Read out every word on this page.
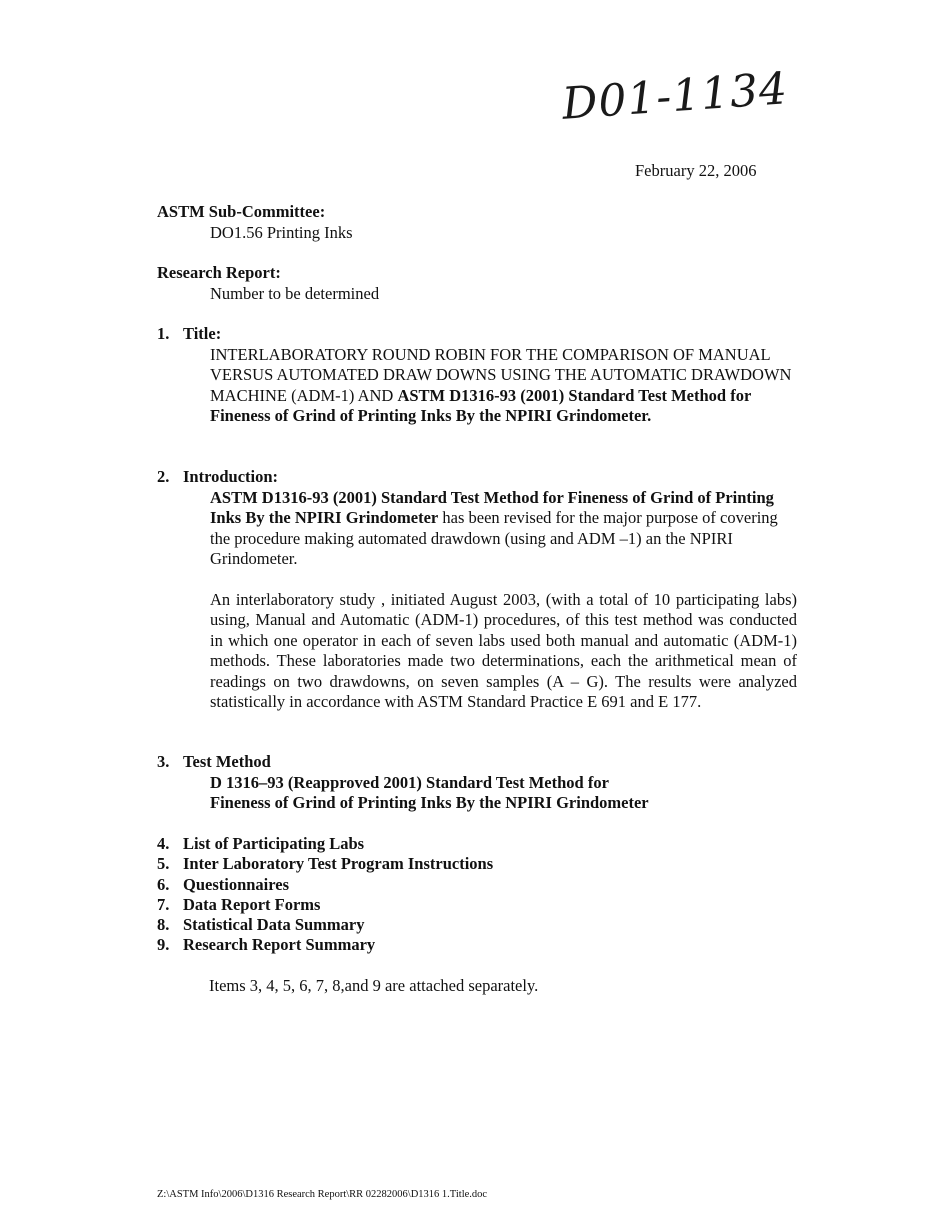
D01-1134
February 22, 2006
ASTM Sub-Committee:
DO1.56 Printing Inks
Research Report:
Number to be determined
1. Title:
INTERLABORATORY ROUND ROBIN FOR THE COMPARISON OF MANUAL VERSUS AUTOMATED DRAW DOWNS USING THE AUTOMATIC DRAWDOWN MACHINE (ADM-1) AND ASTM D1316-93 (2001) Standard Test Method for Fineness of Grind of Printing Inks By the NPIRI Grindometer.
2. Introduction:
ASTM D1316-93 (2001) Standard Test Method for Fineness of Grind of Printing Inks By the NPIRI Grindometer has been revised for the major purpose of covering the procedure making automated drawdown (using and ADM –1) an the NPIRI Grindometer.
An interlaboratory study , initiated August 2003, (with a total of 10 participating labs) using, Manual and Automatic (ADM-1) procedures, of this test method was conducted in which one operator in each of seven labs used both manual and automatic (ADM-1) methods. These laboratories made two determinations, each the arithmetical mean of readings on two drawdowns, on seven samples (A – G). The results were analyzed statistically in accordance with ASTM Standard Practice E 691 and E 177.
3. Test Method
D 1316–93 (Reapproved 2001) Standard Test Method for
Fineness of Grind of Printing Inks By the NPIRI Grindometer
4. List of Participating Labs
5. Inter Laboratory Test Program Instructions
6. Questionnaires
7. Data Report Forms
8. Statistical Data Summary
9. Research Report Summary
Items 3, 4, 5, 6, 7, 8,and 9 are attached separately.
Z:\ASTM Info\2006\D1316 Research Report\RR 02282006\D1316 1.Title.doc
